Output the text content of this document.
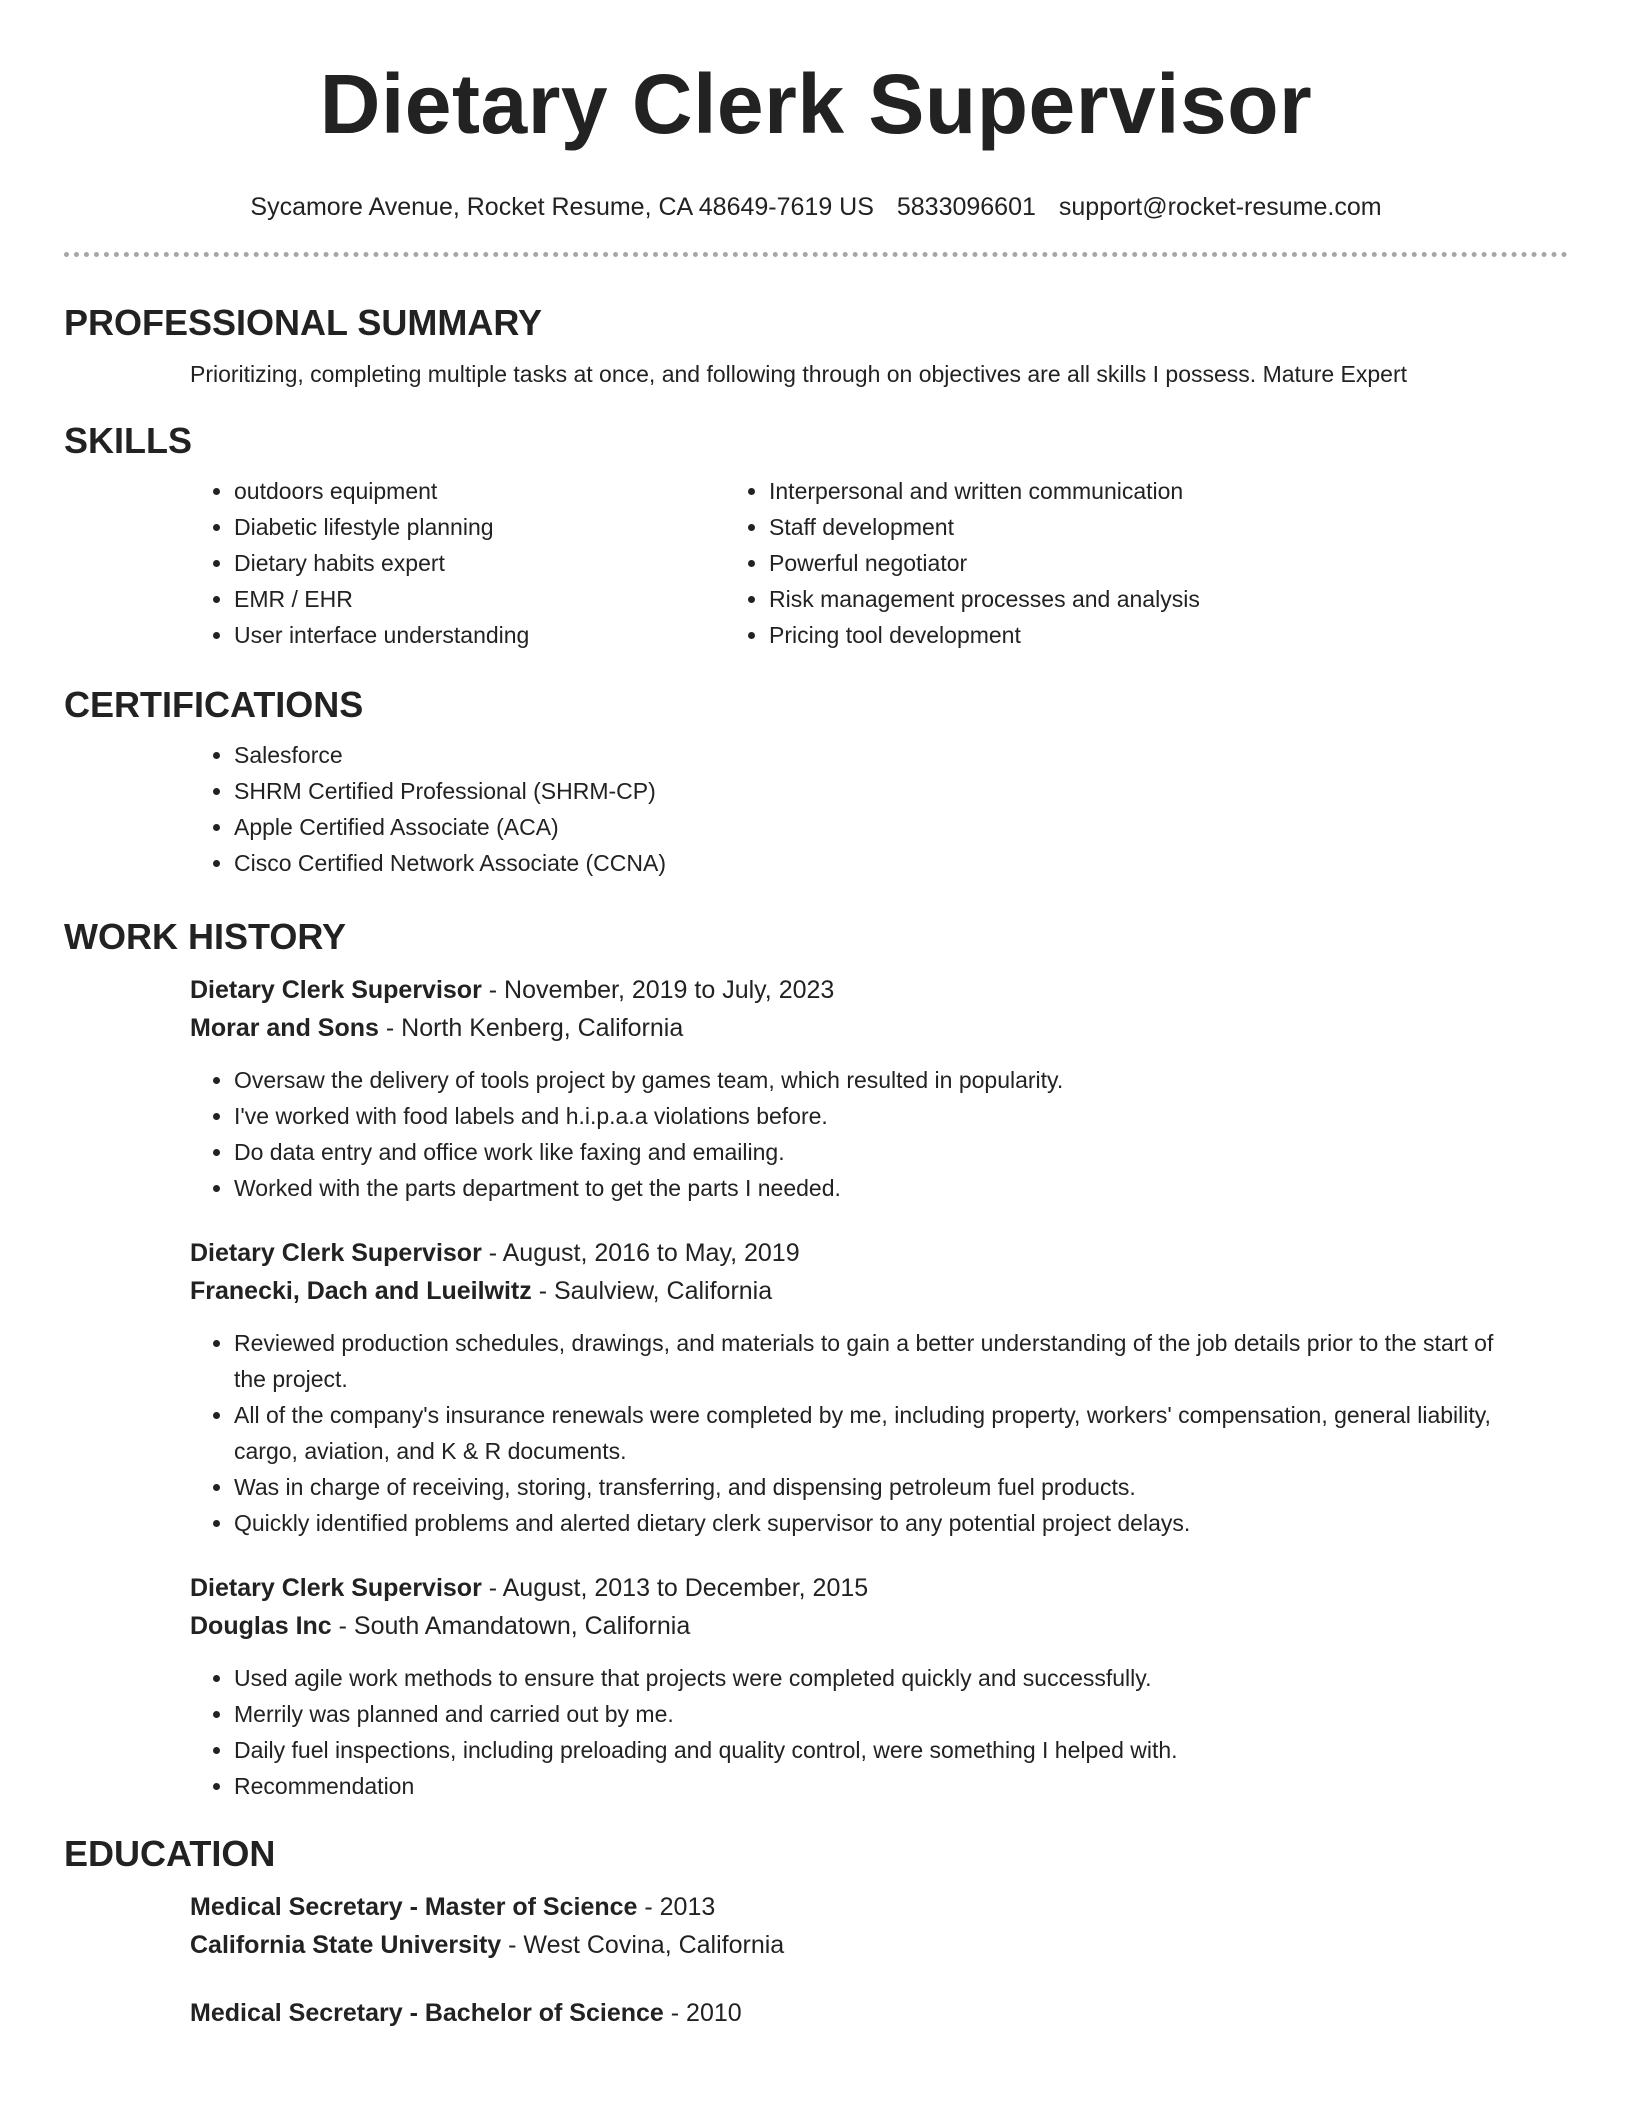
Dietary Clerk Supervisor
Sycamore Avenue, Rocket Resume, CA 48649-7619 US 5833096601 support@rocket-resume.com
PROFESSIONAL SUMMARY
Prioritizing, completing multiple tasks at once, and following through on objectives are all skills I possess. Mature Expert
SKILLS
• outdoors equipment
• Diabetic lifestyle planning
• Dietary habits expert
• EMR / EHR
• User interface understanding
• Interpersonal and written communication
• Staff development
• Powerful negotiator
• Risk management processes and analysis
• Pricing tool development
CERTIFICATIONS
• Salesforce
• SHRM Certified Professional (SHRM-CP)
• Apple Certified Associate (ACA)
• Cisco Certified Network Associate (CCNA)
WORK HISTORY
Dietary Clerk Supervisor - November, 2019 to July, 2023
Morar and Sons - North Kenberg, California
• Oversaw the delivery of tools project by games team, which resulted in popularity.
• I've worked with food labels and h.i.p.a.a violations before.
• Do data entry and office work like faxing and emailing.
• Worked with the parts department to get the parts I needed.
Dietary Clerk Supervisor - August, 2016 to May, 2019
Franecki, Dach and Lueilwitz - Saulview, California
• Reviewed production schedules, drawings, and materials to gain a better understanding of the job details prior to the start of the project.
• All of the company's insurance renewals were completed by me, including property, workers' compensation, general liability, cargo, aviation, and K & R documents.
• Was in charge of receiving, storing, transferring, and dispensing petroleum fuel products.
• Quickly identified problems and alerted dietary clerk supervisor to any potential project delays.
Dietary Clerk Supervisor - August, 2013 to December, 2015
Douglas Inc - South Amandatown, California
• Used agile work methods to ensure that projects were completed quickly and successfully.
• Merrily was planned and carried out by me.
• Daily fuel inspections, including preloading and quality control, were something I helped with.
• Recommendation
EDUCATION
Medical Secretary - Master of Science - 2013
California State University - West Covina, California
Medical Secretary - Bachelor of Science - 2010
